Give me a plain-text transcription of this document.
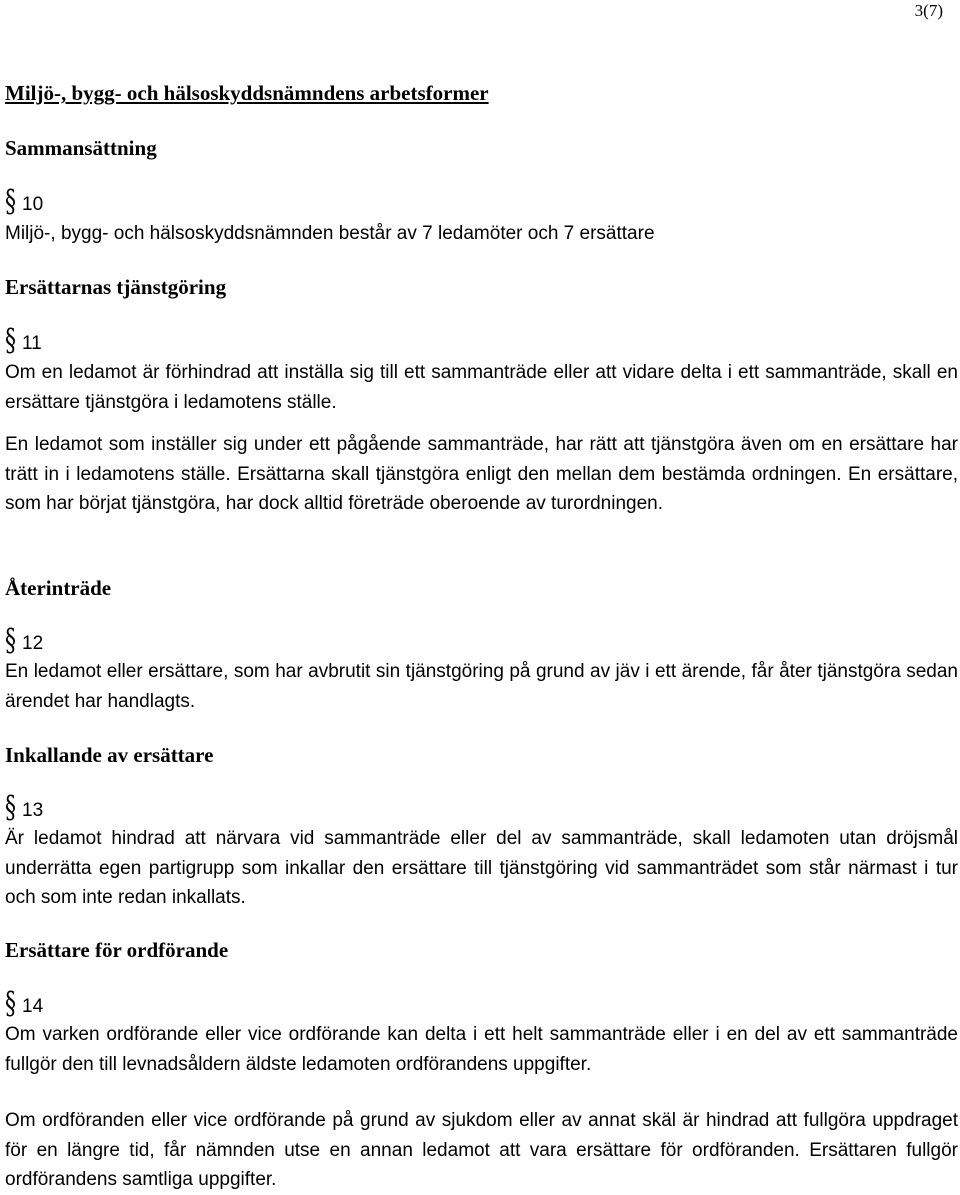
3(7)
Miljö-, bygg- och hälsoskyddsnämndens arbetsformer
Sammansättning
§ 10

Miljö-, bygg- och hälsoskyddsnämnden består av 7 ledamöter och 7 ersättare

Ersättarnas tjänstgöring
§ 11

Om en ledamot är förhindrad att inställa sig till ett sammanträde eller att vidare delta i ett sammanträde, skall en ersättare tjänstgöra i ledamotens ställe.

En ledamot som inställer sig under ett pågående sammanträde, har rätt att tjänstgöra även om en ersättare har trätt in i ledamotens ställe. Ersättarna skall tjänstgöra enligt den mellan dem bestämda ordningen. En ersättare, som har börjat tjänstgöra, har dock alltid företräde oberoende av turordningen.

Återinträde
§ 12

En ledamot eller ersättare, som har avbrutit sin tjänstgöring på grund av jäv i ett ärende, får åter tjänstgöra sedan ärendet har handlagts.

Inkallande av ersättare
§ 13

Är ledamot hindrad att närvara vid sammanträde eller del av sammanträde, skall ledamoten utan dröjsmål underrätta egen partigrupp som inkallar den ersättare till tjänstgöring vid sammanträdet som står närmast i tur och som inte redan inkallats.

Ersättare för ordförande
§ 14

Om varken ordförande eller vice ordförande kan delta i ett helt sammanträde eller i en del av ett sammanträde fullgör den till levnadsåldern äldste ledamoten ordförandens uppgifter.

Om ordföranden eller vice ordförande på grund av sjukdom eller av annat skäl är hindrad att fullgöra uppdraget för en längre tid, får nämnden utse en annan ledamot att vara ersättare för ordföranden. Ersättaren fullgör ordförandens samtliga uppgifter.
